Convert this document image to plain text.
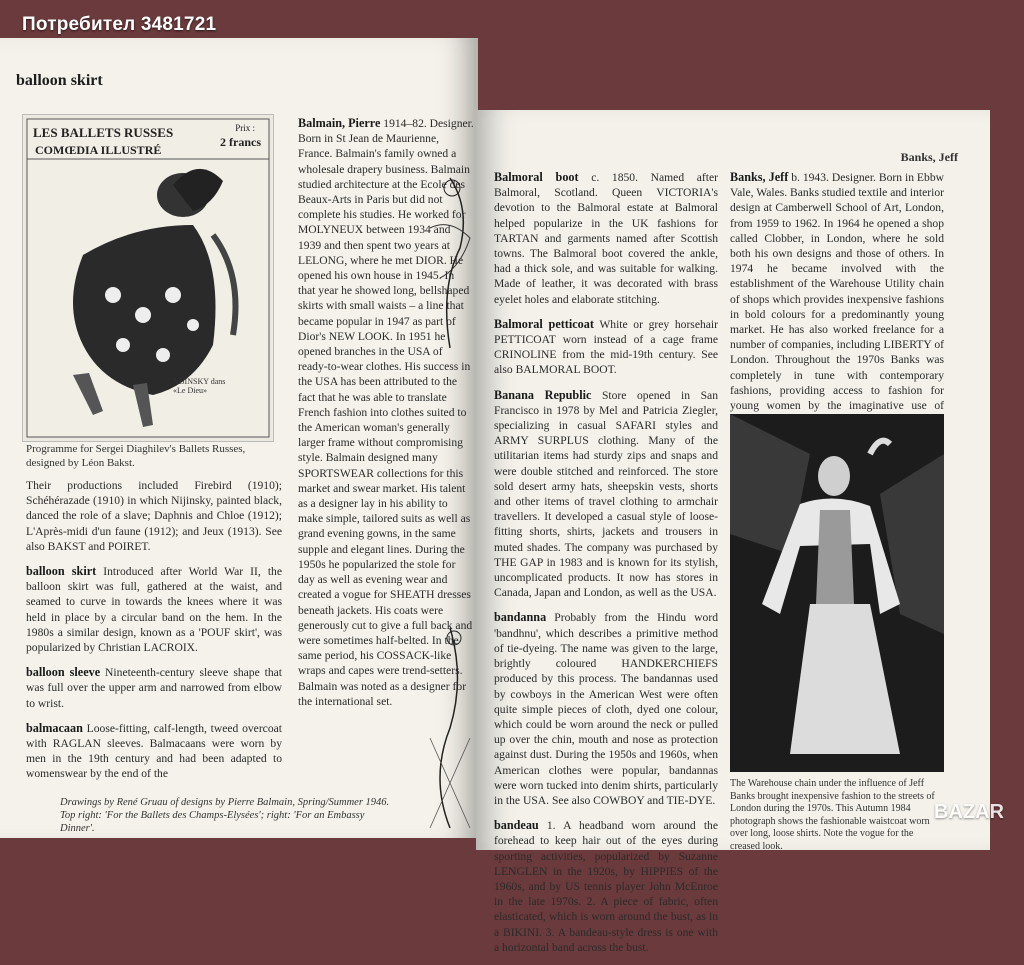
Потребител 3481721
balloon skirt
LES BALLETS RUSSES
COMŒDIA ILLUSTRÉ
Prix :
2 francs
NIJINSKY dans «Le Dieu»
Programme for Sergei Diaghilev's Ballets Russes,
designed by Léon Bakst.
Their productions included Firebird (1910); Schéhérazade (1910) in which Nijinsky, painted black, danced the role of a slave; Daphnis and Chloe (1912); L'Après-midi d'un faune (1912); and Jeux (1913). See also BAKST and POIRET.
balloon skirt Introduced after World War II, the balloon skirt was full, gathered at the waist, and seamed to curve in towards the knees where it was held in place by a circular band on the hem. In the 1980s a similar design, known as a 'POUF skirt', was popularized by Christian LACROIX.
balloon sleeve Nineteenth-century sleeve shape that was full over the upper arm and narrowed from elbow to wrist.
balmacaan Loose-fitting, calf-length, tweed overcoat with RAGLAN sleeves. Balmacaans were worn by men in the 19th century and had been adapted to womenswear by the end of the
Balmain, Pierre 1914–82. Designer. Born in St Jean de Maurienne, France. Balmain's family owned a wholesale drapery business. Balmain studied architecture at the Ecole des Beaux-Arts in Paris but did not complete his studies. He worked for MOLYNEUX between 1934 and 1939 and then spent two years at LELONG, where he met DIOR. He opened his own house in 1945. In that year he showed long, bellshaped skirts with small waists – a line that became popular in 1947 as part of Dior's NEW LOOK. In 1951 he opened branches in the USA of ready-to-wear clothes. His success in the USA has been attributed to the fact that he was able to translate French fashion into clothes suited to the American woman's generally larger frame without compromising style. Balmain designed many SPORTSWEAR collections for this market and swear market. His talent as a designer lay in his ability to make simple, tailored suits as well as grand evening gowns, in the same supple and elegant lines. During the 1950s he popularized the stole for day as well as evening wear and created a vogue for SHEATH dresses beneath jackets. His coats were generously cut to give a full back and were sometimes half-belted. In the same period, his COSSACK-like wraps and capes were trend-setters. Balmain was noted as a designer for the international set.
Drawings by René Gruau of designs by Pierre Balmain, Spring/Summer 1946. Top right: 'For the Ballets des Champs-Elysées'; right: 'For an Embassy Dinner'.
Banks, Jeff
Balmoral boot c. 1850. Named after Balmoral, Scotland. Queen VICTORIA's devotion to the Balmoral estate at Balmoral helped popularize in the UK fashions for TARTAN and garments named after Scottish towns. The Balmoral boot covered the ankle, had a thick sole, and was suitable for walking. Made of leather, it was decorated with brass eyelet holes and elaborate stitching.
Balmoral petticoat White or grey horsehair PETTICOAT worn instead of a cage frame CRINOLINE from the mid-19th century. See also BALMORAL BOOT.
Banana Republic Store opened in San Francisco in 1978 by Mel and Patricia Ziegler, specializing in casual SAFARI styles and ARMY SURPLUS clothing. Many of the utilitarian items had sturdy zips and snaps and were double stitched and reinforced. The store sold desert army hats, sheepskin vests, shorts and other items of travel clothing to armchair travellers. It developed a casual style of loose-fitting shorts, shirts, jackets and trousers in muted shades. The company was purchased by THE GAP in 1983 and is known for its stylish, uncomplicated products. It now has stores in Canada, Japan and London, as well as the USA.
bandanna Probably from the Hindu word 'bandhnu', which describes a primitive method of tie-dyeing. The name was given to the large, brightly coloured HANDKERCHIEFS produced by this process. The bandannas used by cowboys in the American West were often quite simple pieces of cloth, dyed one colour, which could be worn around the neck or pulled up over the chin, mouth and nose as protection against dust. During the 1950s and 1960s, when American clothes were popular, bandannas were worn tucked into denim shirts, particularly in the USA. See also COWBOY and TIE-DYE.
bandeau 1. A headband worn around the forehead to keep hair out of the eyes during sporting activities, popularized by Suzanne LENGLEN in the 1920s, by HIPPIES of the 1960s, and by US tennis player John McEnroe in the late 1970s. 2. A piece of fabric, often elasticated, which is worn around the bust, as in a BIKINI. 3. A bandeau-style dress is one with a horizontal band across the bust.
Banks, Jeff b. 1943. Designer. Born in Ebbw Vale, Wales. Banks studied textile and interior design at Camberwell School of Art, London, from 1959 to 1962. In 1964 he opened a shop called Clobber, in London, where he sold both his own designs and those of others. In 1974 he became involved with the establishment of the Warehouse Utility chain of shops which provides inexpensive fashions in bold colours for a predominantly young market. He has also worked freelance for a number of companies, including LIBERTY of London. Throughout the 1970s Banks was completely in tune with contemporary fashions, providing access to fashion for young women by the imaginative use of
The Warehouse chain under the influence of Jeff Banks brought inexpensive fashion to the streets of London during the 1970s. This Autumn 1984 photograph shows the fashionable waistcoat worn over long, loose shirts. Note the vogue for the creased look.
BAZAR
